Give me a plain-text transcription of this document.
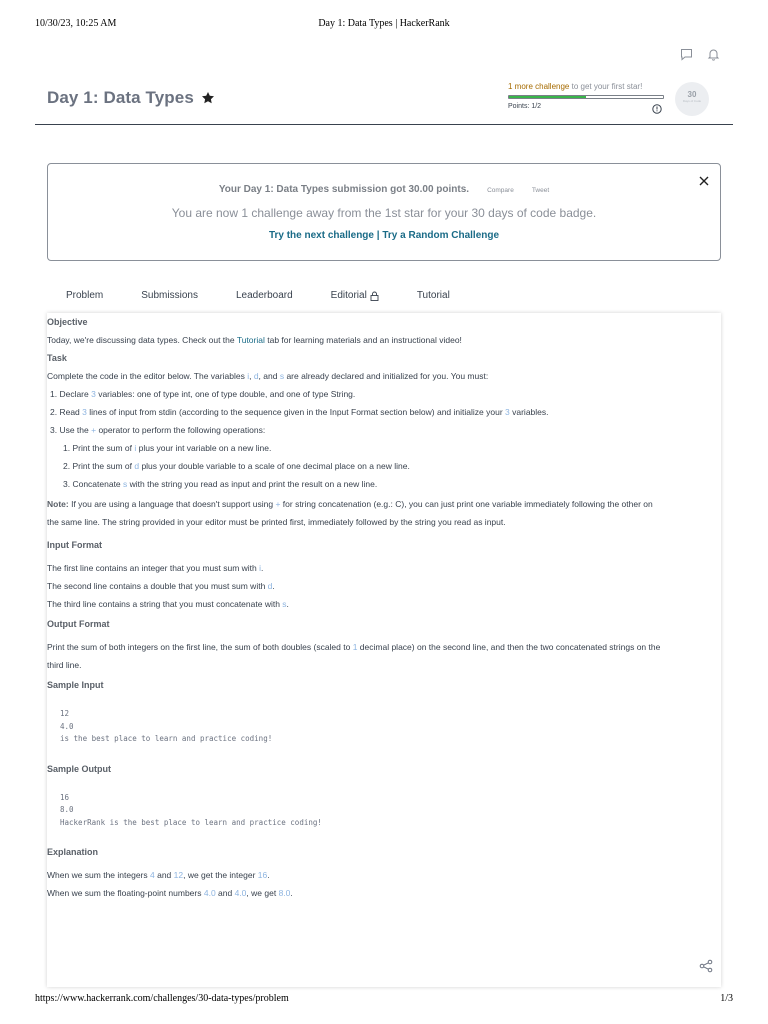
10/30/23, 10:25 AM	Day 1: Data Types | HackerRank
Day 1: Data Types
1 more challenge to get your first star!
Points: 1/2
30
Days of Code
Your Day 1: Data Types submission got 30.00 points.	Compare	Tweet
You are now 1 challenge away from the 1st star for your 30 days of code badge.
Try the next challenge | Try a Random Challenge
Problem	Submissions	Leaderboard	Editorial	Tutorial
Objective
Today, we're discussing data types. Check out the Tutorial tab for learning materials and an instructional video!
Task
Complete the code in the editor below. The variables i, d, and s are already declared and initialized for you. You must:
1. Declare 3 variables: one of type int, one of type double, and one of type String.
2. Read 3 lines of input from stdin (according to the sequence given in the Input Format section below) and initialize your 3 variables.
3. Use the + operator to perform the following operations:
1. Print the sum of i plus your int variable on a new line.
2. Print the sum of d plus your double variable to a scale of one decimal place on a new line.
3. Concatenate s with the string you read as input and print the result on a new line.
Note: If you are using a language that doesn't support using + for string concatenation (e.g.: C), you can just print one variable immediately following the other on
the same line. The string provided in your editor must be printed first, immediately followed by the string you read as input.
Input Format
The first line contains an integer that you must sum with i.
The second line contains a double that you must sum with d.
The third line contains a string that you must concatenate with s.
Output Format
Print the sum of both integers on the first line, the sum of both doubles (scaled to 1 decimal place) on the second line, and then the two concatenated strings on the
third line.
Sample Input
12
4.0
is the best place to learn and practice coding!
Sample Output
16
8.0
HackerRank is the best place to learn and practice coding!
Explanation
When we sum the integers 4 and 12, we get the integer 16.
When we sum the floating-point numbers 4.0 and 4.0, we get 8.0.
https://www.hackerrank.com/challenges/30-data-types/problem	1/3
